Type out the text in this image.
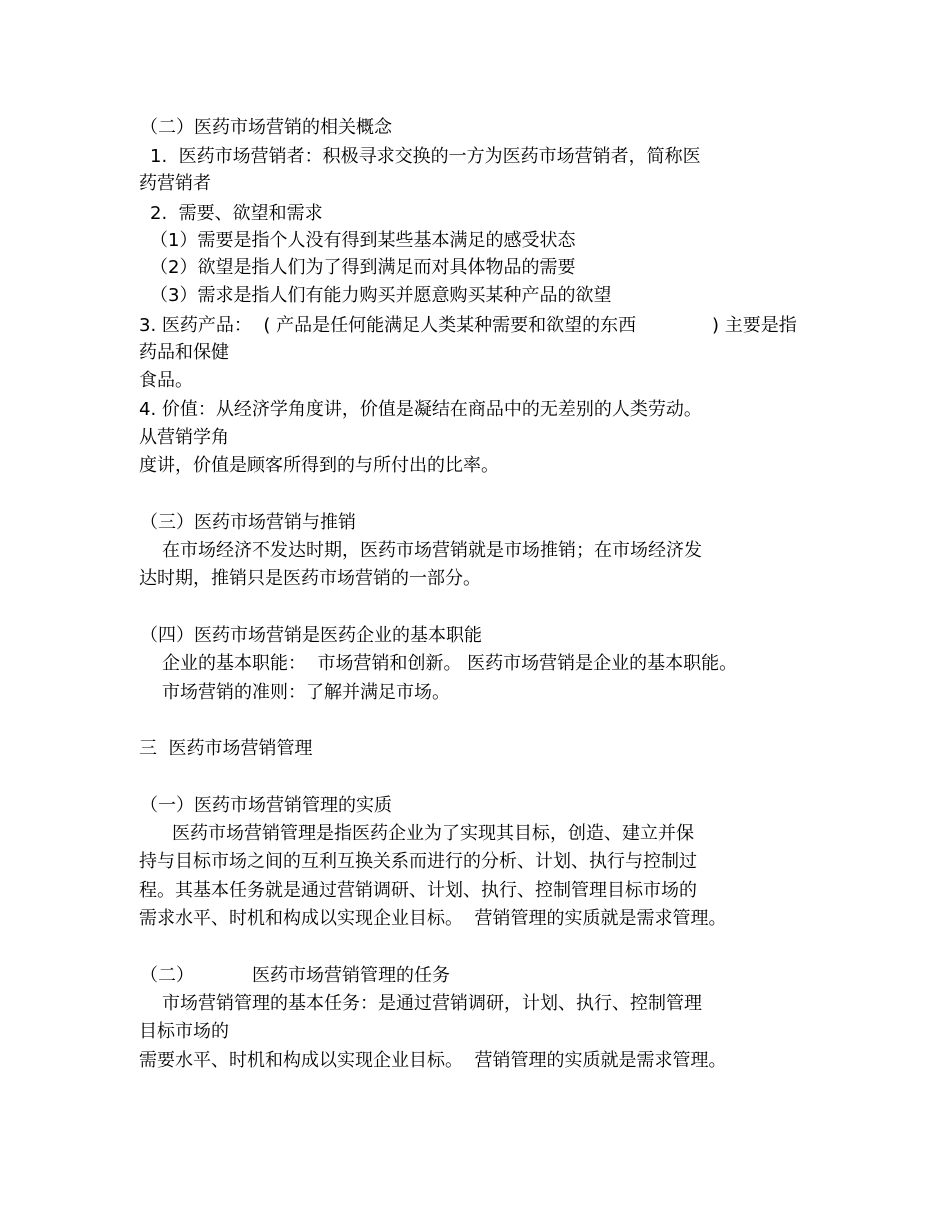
（二）医药市场营销的相关概念
1.  医药市场营销者：积极寻求交换的一方为医药市场营销者，简称医
药营销者
2.  需要、欲望和需求
（1）需要是指个人没有得到某些基本满足的感受状态
（2）欲望是指人们为了得到满足而对具体物品的需要
（3）需求是指人们有能力购买并愿意购买某种产品的欲望
3. 医药产品：  ( 产品是任何能满足人类某种需要和欲望的东西	) 主要是指
药品和保健
食品。
4. 价值：从经济学角度讲，价值是凝结在商品中的无差别的人类劳动。
从营销学角
度讲，价值是顾客所得到的与所付出的比率。
（三）医药市场营销与推销
在市场经济不发达时期，医药市场营销就是市场推销；在市场经济发
达时期，推销只是医药市场营销的一部分。
（四）医药市场营销是医药企业的基本职能
企业的基本职能：  市场营销和创新。 医药市场营销是企业的基本职能。
市场营销的准则：了解并满足市场。
三  医药市场营销管理
（一）医药市场营销管理的实质
医药市场营销管理是指医药企业为了实现其目标，创造、建立并保
持与目标市场之间的互利互换关系而进行的分析、计划、执行与控制过
程。其基本任务就是通过营销调研、计划、执行、控制管理目标市场的
需求水平、时机和构成以实现企业目标。  营销管理的实质就是需求管理。
（二）	医药市场营销管理的任务
市场营销管理的基本任务：是通过营销调研，计划、执行、控制管理
目标市场的
需要水平、时机和构成以实现企业目标。  营销管理的实质就是需求管理。
